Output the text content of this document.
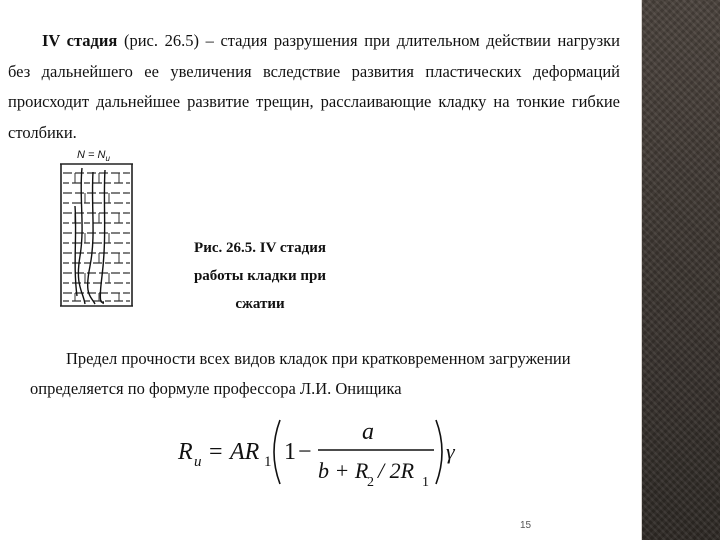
IV стадия (рис. 26.5) – стадия разрушения при длительном действии нагрузки без дальнейшего ее увеличения вследствие развития пластических деформаций происходит дальнейшее развитие трещин, расслаивающие кладку на тонкие гибкие столбики.
$N = N_u$
Рис. 26.5. IV стадия
работы кладки при
сжатии
Предел прочности всех видов кладок при кратковременном загружении определяется по формуле профессора Л.И. Онищика
R u = AR 1 1 −
a
b + R
2 / 2R 1
γ
15
